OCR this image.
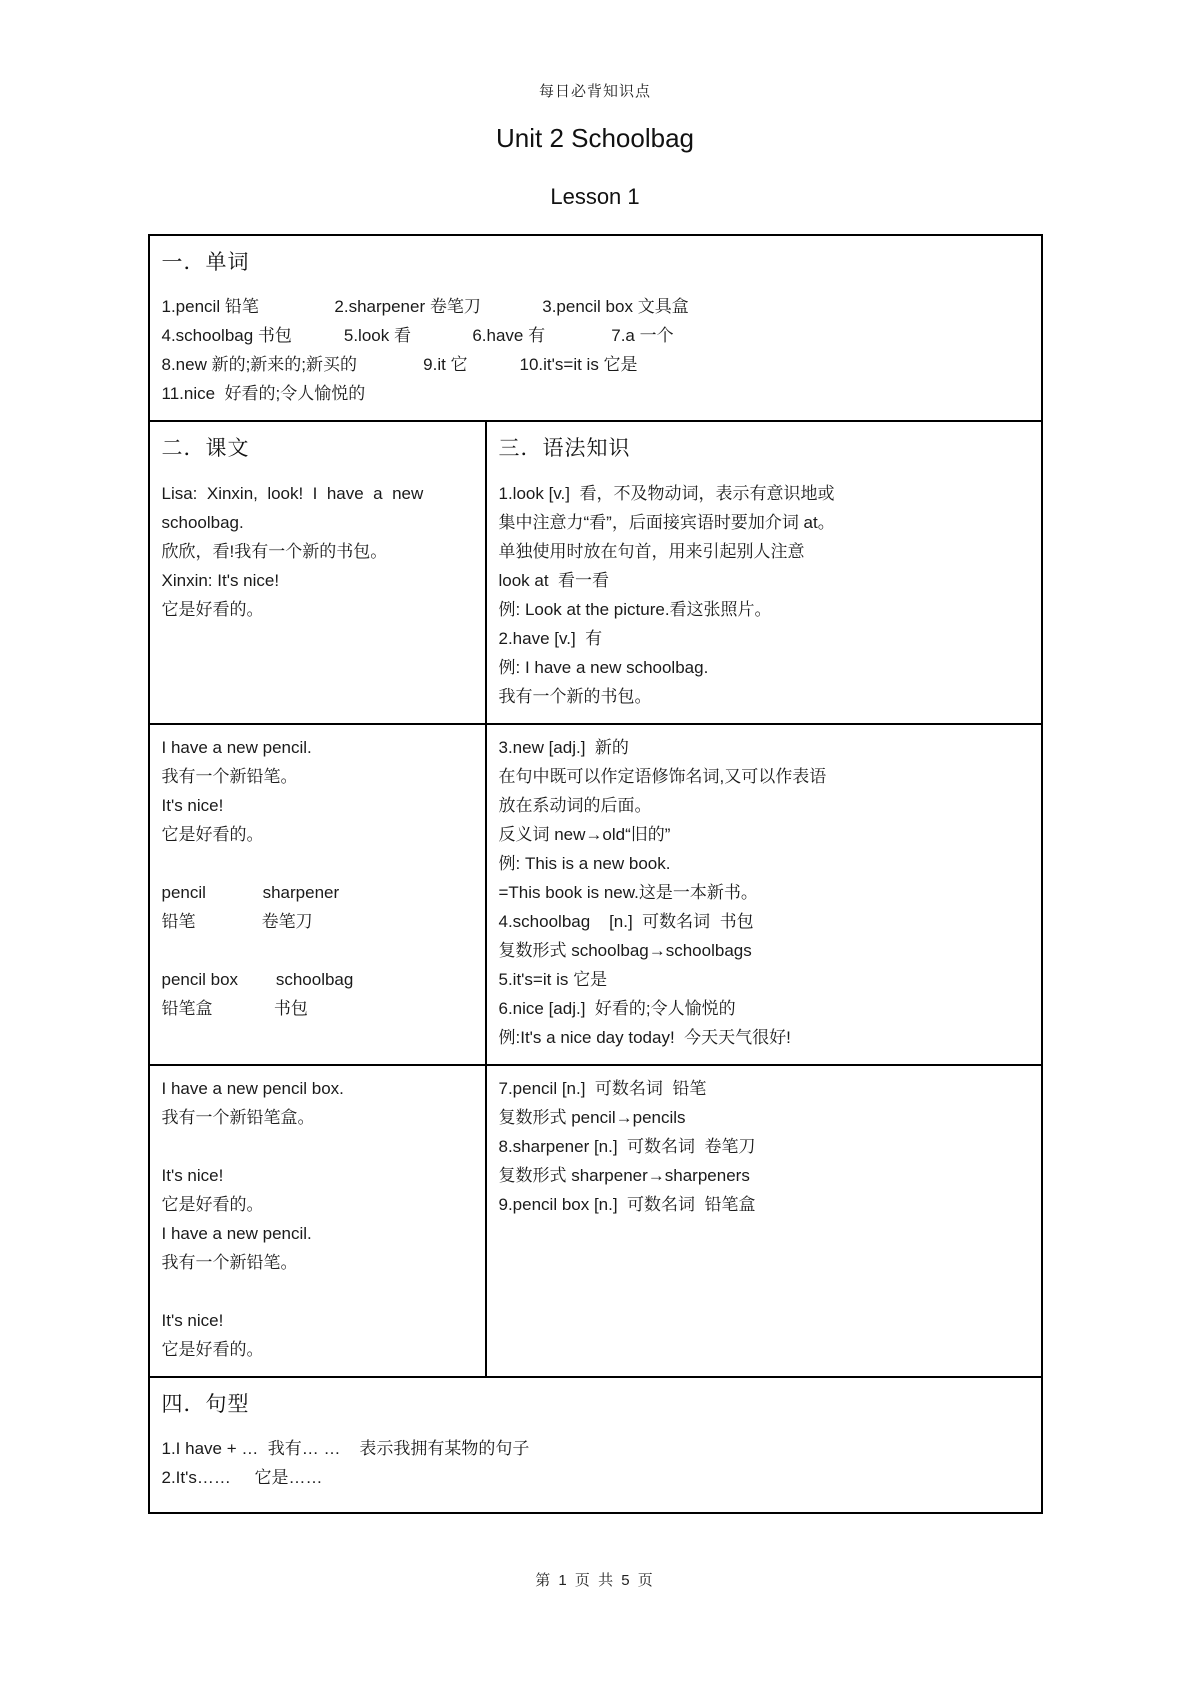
每日必背知识点
Unit 2 Schoolbag
Lesson 1
一．单词
1.pencil 铅笔                2.sharpener 卷笔刀             3.pencil box 文具盒
4.schoolbag 书包           5.look 看             6.have 有              7.a 一个
8.new 新的;新来的;新买的              9.it 它           10.it's=it is 它是
11.nice  好看的;令人愉悦的
二．课文
Lisa:  Xinxin,  look!  I  have  a  new
schoolbag.
欣欣，看!我有一个新的书包。
Xinxin: It's nice!
它是好看的。
三．语法知识
1.look [v.]  看，不及物动词，表示有意识地或
集中注意力“看”，后面接宾语时要加介词 at。
单独使用时放在句首，用来引起别人注意
look at  看一看
例: Look at the picture.看这张照片。
2.have [v.]  有
例: I have a new schoolbag.
我有一个新的书包。
I have a new pencil.
我有一个新铅笔。
It's nice!
它是好看的。
pencil            sharpener
铅笔              卷笔刀
pencil box        schoolbag
铅笔盒             书包
3.new [adj.]  新的
在句中既可以作定语修饰名词,又可以作表语
放在系动词的后面。
反义词 new→old“旧的”
例: This is a new book.
=This book is new.这是一本新书。
4.schoolbag    [n.]  可数名词  书包
复数形式 schoolbag→schoolbags
5.it's=it is 它是
6.nice [adj.]  好看的;令人愉悦的
例:It's a nice day today!  今天天气很好!
I have a new pencil box.
我有一个新铅笔盒。
It's nice!
它是好看的。
I have a new pencil.
我有一个新铅笔。
It's nice!
它是好看的。
7.pencil [n.]  可数名词  铅笔
复数形式 pencil→pencils
8.sharpener [n.]  可数名词  卷笔刀
复数形式 sharpener→sharpeners
9.pencil box [n.]  可数名词  铅笔盒
四．句型
1.I have + …  我有… …    表示我拥有某物的句子
2.It's……     它是……
第 1 页 共 5 页
